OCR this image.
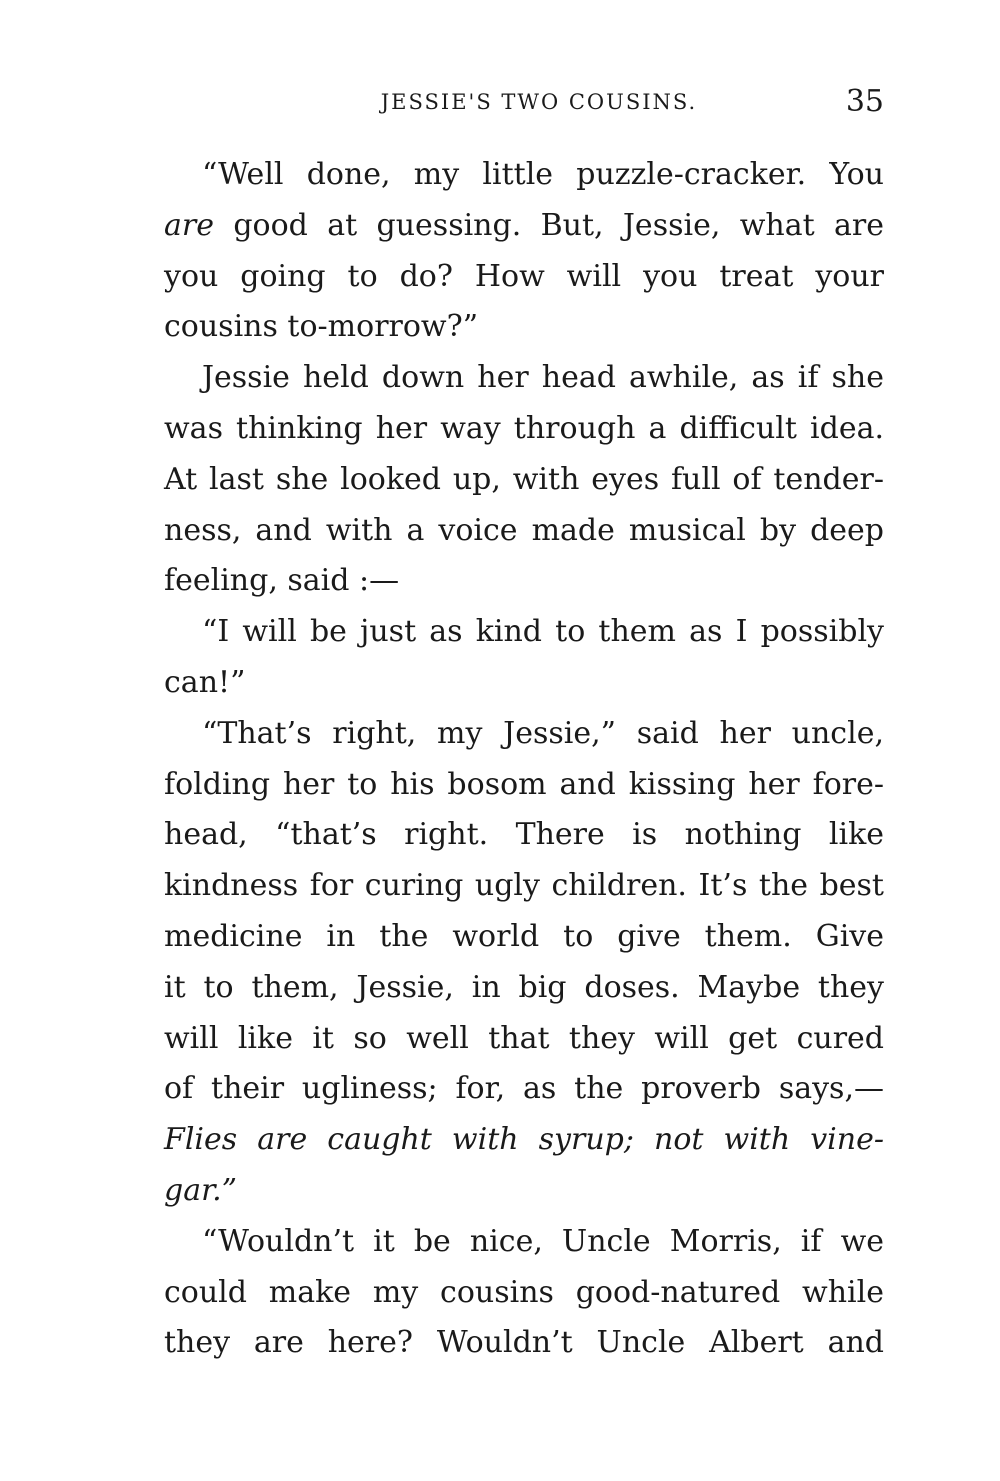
JESSIE'S TWO COUSINS.	35

“Well done, my little puzzle-cracker. You
are good at guessing. But, Jessie, what are
you going to do? How will you treat your
cousins to-morrow?”

Jessie held down her head awhile, as if she
was thinking her way through a difficult idea.
At last she looked up, with eyes full of tender-
ness, and with a voice made musical by deep
feeling, said :—

“I will be just as kind to them as I possibly
can!”

“That’s right, my Jessie,” said her uncle,
folding her to his bosom and kissing her fore-
head, “that’s right. There is nothing like
kindness for curing ugly children. It’s the best
medicine in the world to give them. Give
it to them, Jessie, in big doses. Maybe they
will like it so well that they will get cured
of their ugliness; for, as the proverb says,—
Flies are caught with syrup; not with vine-
gar.”

“Wouldn’t it be nice, Uncle Morris, if we
could make my cousins good-natured while
they are here? Wouldn’t Uncle Albert and
